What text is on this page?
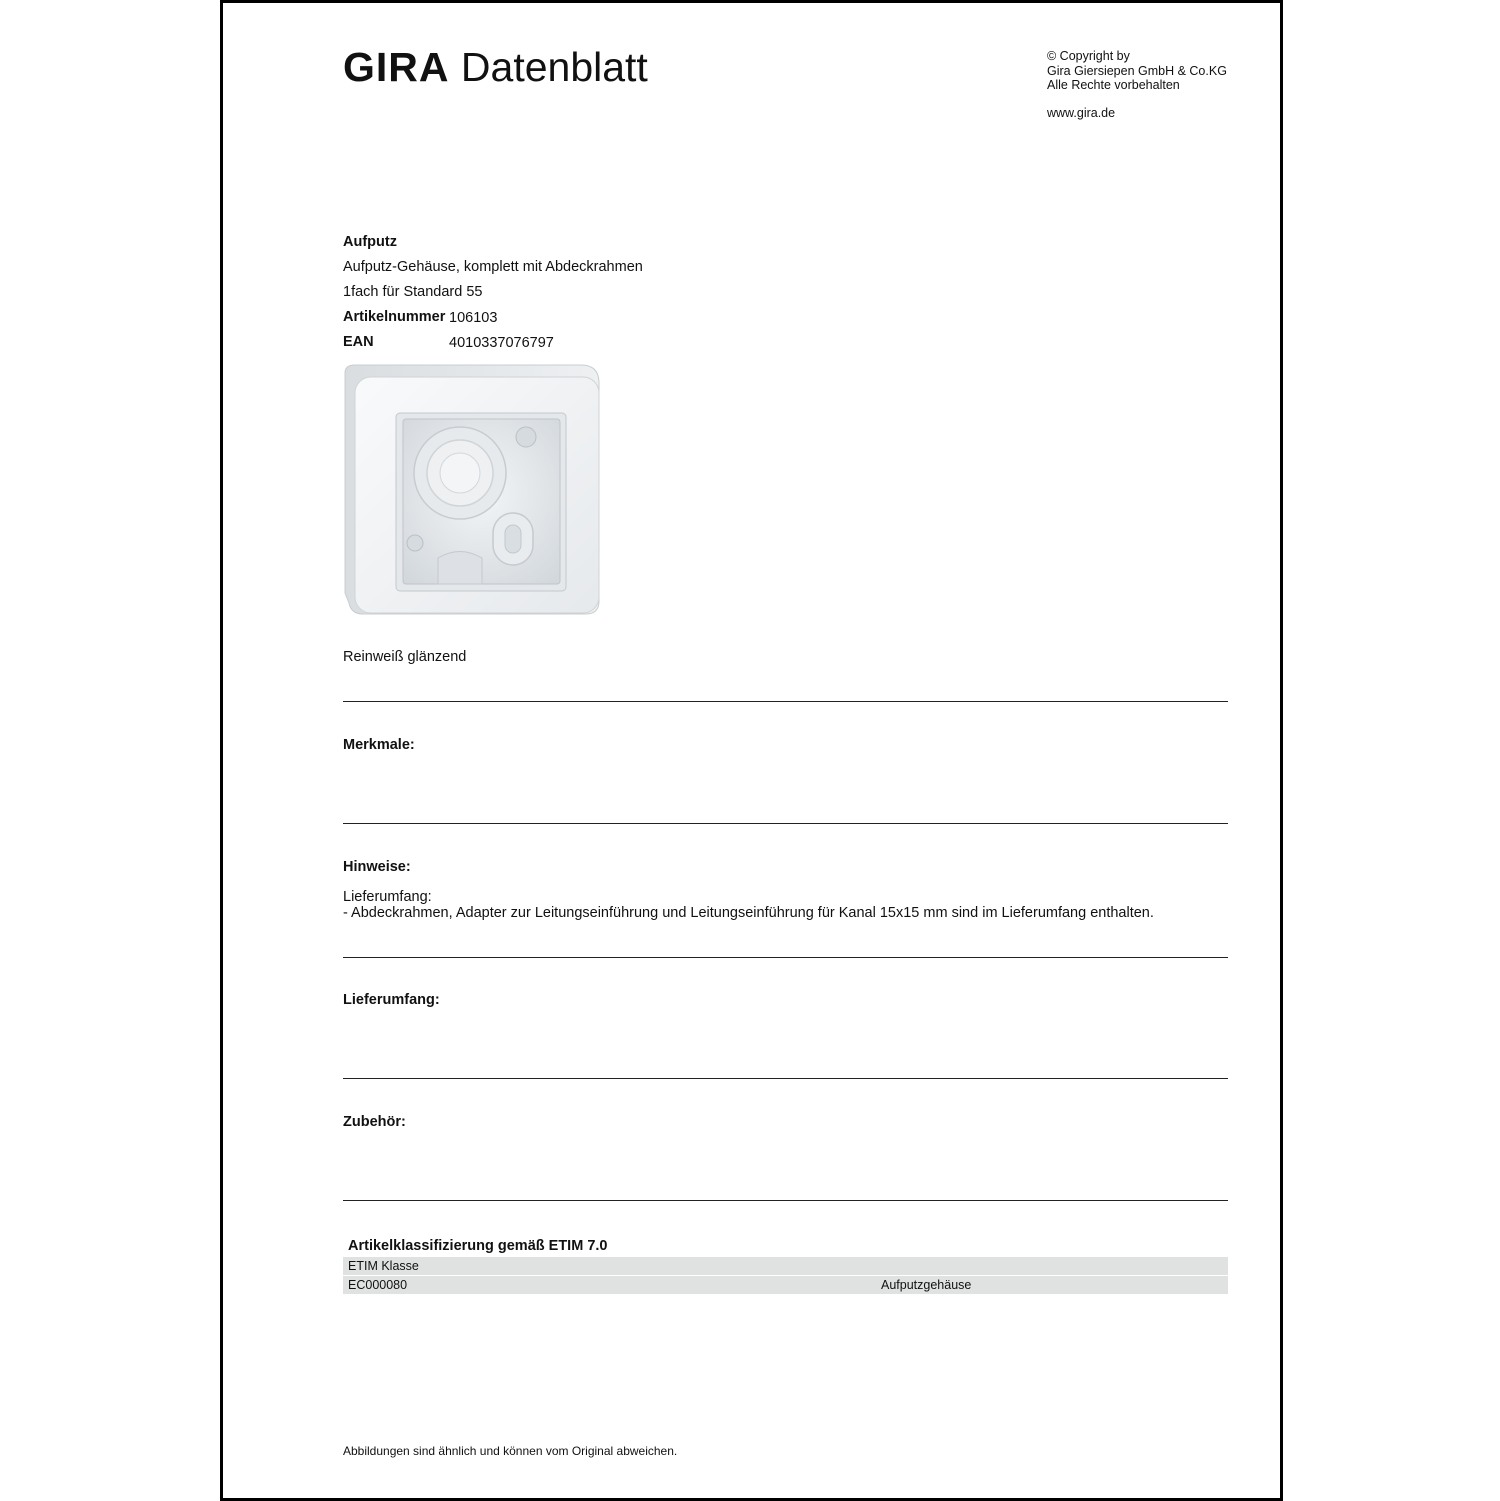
GIRA Datenblatt	© Copyright by
Gira Giersiepen GmbH & Co.KG
Alle Rechte vorbehalten
www.gira.de
Aufputz
Aufputz-Gehäuse, komplett mit Abdeckrahmen
1fach für Standard 55
Artikelnummer 106103
EAN	4010337076797
Reinweiß glänzend
Merkmale:
Hinweise:
Lieferumfang:
- Abdeckrahmen, Adapter zur Leitungseinführung und Leitungseinführung für Kanal 15x15 mm sind im Lieferumfang enthalten.
Lieferumfang:
Zubehör:
Artikelklassifizierung gemäß ETIM 7.0
ETIM Klasse
EC000080	Aufputzgehäuse
Abbildungen sind ähnlich und können vom Original abweichen.
